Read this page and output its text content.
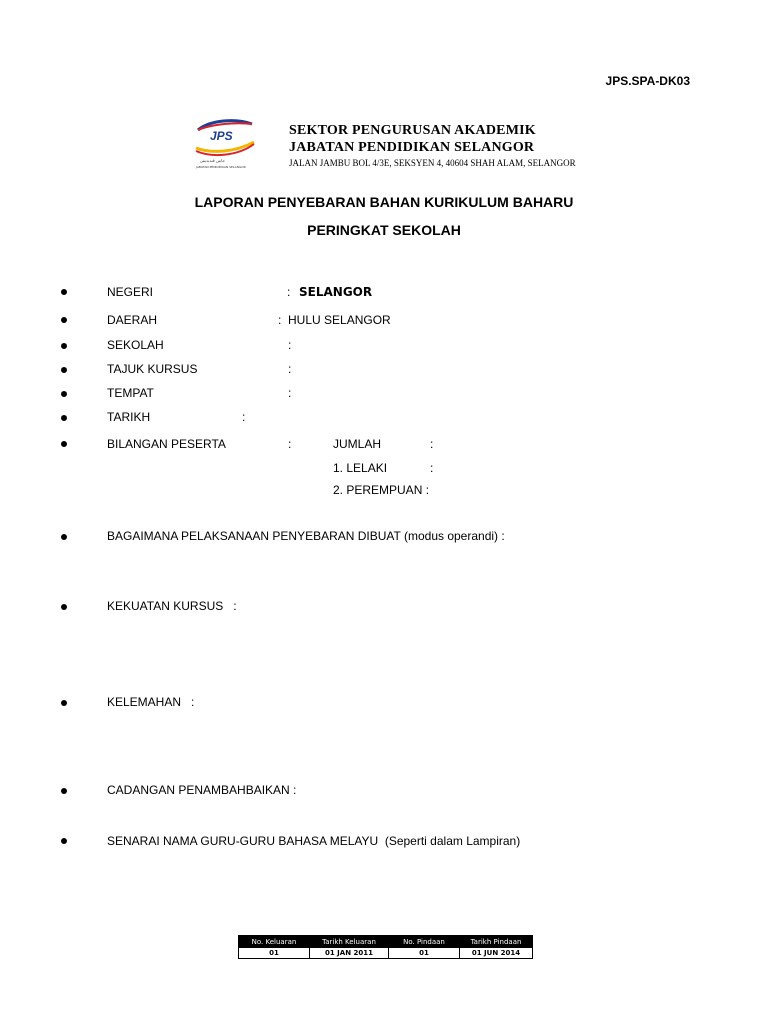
JPS.SPA-DK03
JPS
ﺟﺎﺑﺘﻦ ﭬﻨﺪﻳﺪﻳﻘﻦ
JABATAN PENDIDIKAN SELANGOR
SEKTOR PENGURUSAN AKADEMIK
JABATAN PENDIDIKAN SELANGOR
JALAN JAMBU BOL 4/3E, SEKSYEN 4, 40604 SHAH ALAM, SELANGOR
LAPORAN PENYEBARAN BAHAN KURIKULUM BAHARU
PERINGKAT SEKOLAH
NEGERI	: SELANGOR
DAERAH	: HULU SELANGOR
SEKOLAH	:
TAJUK KURSUS	:
TEMPAT	:
TARIKH	:
BILANGAN PESERTA	:	JUMLAH	:
1. LELAKI	:
2. PEREMPUAN :
BAGAIMANA PELAKSANAAN PENYEBARAN DIBUAT (modus operandi) :
KEKUATAN KURSUS   :
KELEMAHAN   :
CADANGAN PENAMBAHBAIKAN :
SENARAI NAMA GURU-GURU BAHASA MELAYU  (Seperti dalam Lampiran)
No. Keluaran	Tarikh Keluaran	No. Pindaan	Tarikh Pindaan
01	01 JAN 2011	01	01 JUN 2014
